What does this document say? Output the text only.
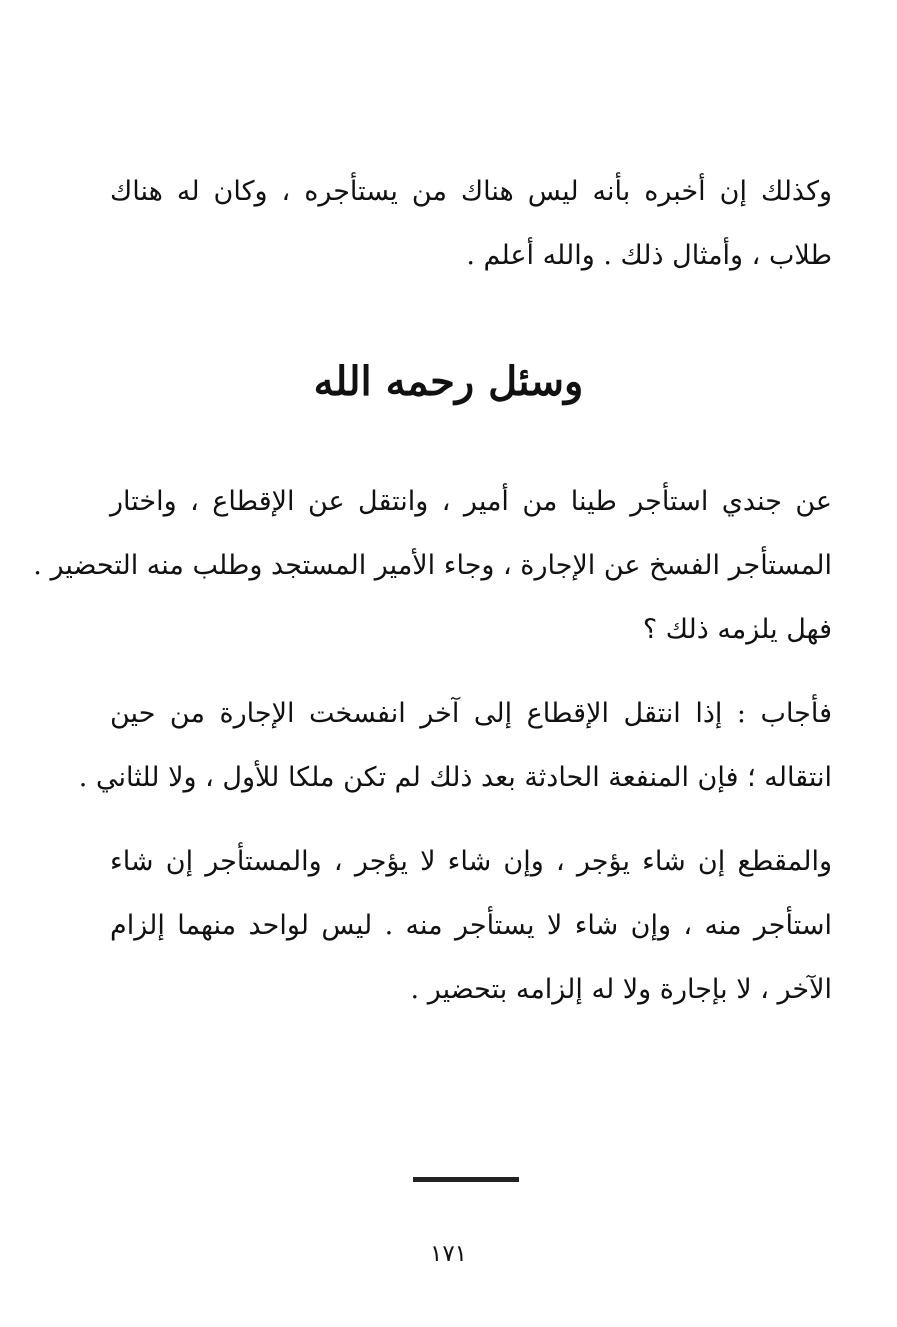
وكذلك إن أخبره بأنه ليس هناك من يستأجره ، وكان له هناك
طلاب ، وأمثال ذلك . والله أعلم .
وسئل رحمه الله
عن جندي استأجر طينا من أمير ، وانتقل عن الإقطاع ، واختار
المستأجر الفسخ عن الإجارة ، وجاء الأمير المستجد وطلب منه التحضير .
فهل يلزمه ذلك ؟
فأجاب : إذا انتقل الإقطاع إلى آخر انفسخت الإجارة من حين
انتقاله ؛ فإن المنفعة الحادثة بعد ذلك لم تكن ملكا للأول ، ولا للثاني .
والمقطع إن شاء يؤجر ، وإن شاء لا يؤجر ، والمستأجر إن شاء
استأجر منه ، وإن شاء لا يستأجر منه . ليس لواحد منهما إلزام
الآخر ، لا بإجارة ولا له إلزامه بتحضير .
١٧١
